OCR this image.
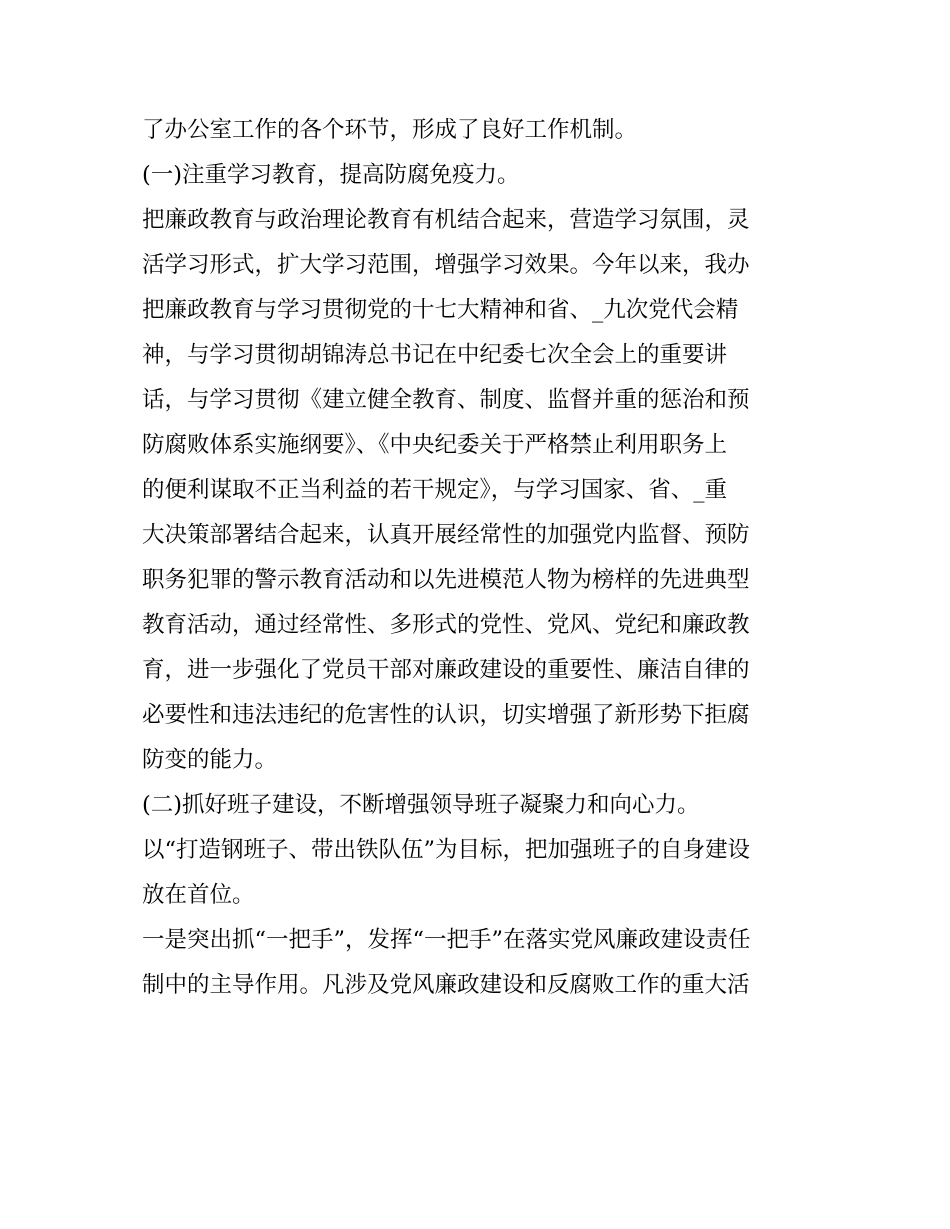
了办公室工作的各个环节，形成了良好工作机制。
(一)注重学习教育，提高防腐免疫力。
把廉政教育与政治理论教育有机结合起来，营造学习氛围，灵
活学习形式，扩大学习范围，增强学习效果。今年以来，我办
把廉政教育与学习贯彻党的十七大精神和省、_九次党代会精
神，与学习贯彻胡锦涛总书记在中纪委七次全会上的重要讲
话，与学习贯彻《建立健全教育、制度、监督并重的惩治和预
防腐败体系实施纲要》、《中央纪委关于严格禁止利用职务上
的便利谋取不正当利益的若干规定》，与学习国家、省、_重
大决策部署结合起来，认真开展经常性的加强党内监督、预防
职务犯罪的警示教育活动和以先进模范人物为榜样的先进典型
教育活动，通过经常性、多形式的党性、党风、党纪和廉政教
育，进一步强化了党员干部对廉政建设的重要性、廉洁自律的
必要性和违法违纪的危害性的认识，切实增强了新形势下拒腐
防变的能力。
(二)抓好班子建设，不断增强领导班子凝聚力和向心力。
以“打造钢班子、带出铁队伍”为目标，把加强班子的自身建设
放在首位。
一是突出抓“一把手”，发挥“一把手”在落实党风廉政建设责任
制中的主导作用。凡涉及党风廉政建设和反腐败工作的重大活
